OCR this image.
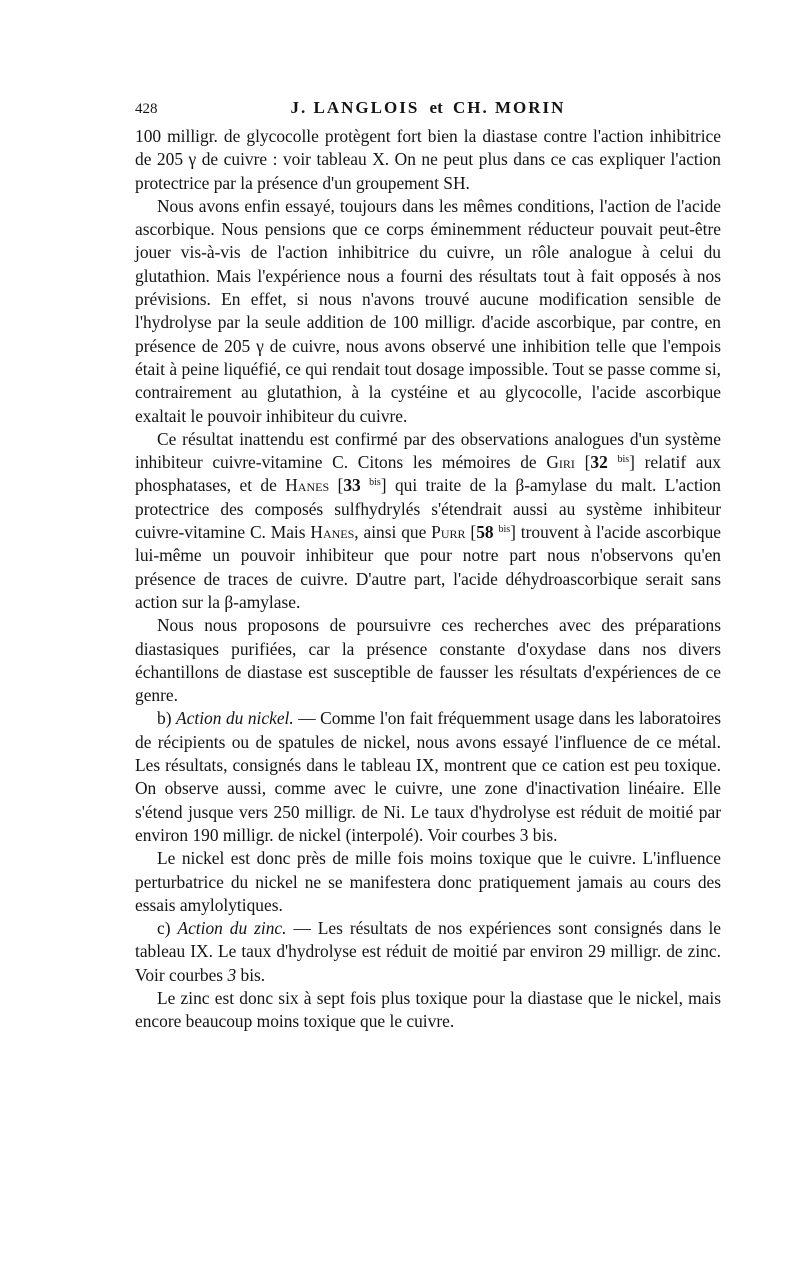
428	J. LANGLOIS et CH. MORIN

100 milligr. de glycocolle protègent fort bien la diastase contre l'action inhibitrice de 205 γ de cuivre : voir tableau X. On ne peut plus dans ce cas expliquer l'action protectrice par la présence d'un groupement SH.

Nous avons enfin essayé, toujours dans les mêmes conditions, l'action de l'acide ascorbique. Nous pensions que ce corps éminemment réducteur pouvait peut-être jouer vis-à-vis de l'action inhibitrice du cuivre, un rôle analogue à celui du glutathion. Mais l'expérience nous a fourni des résultats tout à fait opposés à nos prévisions. En effet, si nous n'avons trouvé aucune modification sensible de l'hydrolyse par la seule addition de 100 milligr. d'acide ascorbique, par contre, en présence de 205 γ de cuivre, nous avons observé une inhibition telle que l'empois était à peine liquéfié, ce qui rendait tout dosage impossible. Tout se passe comme si, contrairement au glutathion, à la cystéine et au glycocolle, l'acide ascorbique exaltait le pouvoir inhibiteur du cuivre.

Ce résultat inattendu est confirmé par des observations analogues d'un système inhibiteur cuivre-vitamine C. Citons les mémoires de Giri [32 $^{bis}$] relatif aux phosphatases, et de Hanes [33 $^{bis}$] qui traite de la β-amylase du malt. L'action protectrice des composés sulfhydrylés s'étendrait aussi au système inhibiteur cuivre-vitamine C. Mais Hanes, ainsi que Purr [58 $^{bis}$] trouvent à l'acide ascorbique lui-même un pouvoir inhibiteur que pour notre part nous n'observons qu'en présence de traces de cuivre. D'autre part, l'acide déhydroascorbique serait sans action sur la β-amylase.

Nous nous proposons de poursuivre ces recherches avec des préparations diastasiques purifiées, car la présence constante d'oxydase dans nos divers échantillons de diastase est susceptible de fausser les résultats d'expériences de ce genre.

b) Action du nickel. — Comme l'on fait fréquemment usage dans les laboratoires de récipients ou de spatules de nickel, nous avons essayé l'influence de ce métal. Les résultats, consignés dans le tableau IX, montrent que ce cation est peu toxique. On observe aussi, comme avec le cuivre, une zone d'inactivation linéaire. Elle s'étend jusque vers 250 milligr. de Ni. Le taux d'hydrolyse est réduit de moitié par environ 190 milligr. de nickel (interpolé). Voir courbes 3 bis.

Le nickel est donc près de mille fois moins toxique que le cuivre. L'influence perturbatrice du nickel ne se manifestera donc pratiquement jamais au cours des essais amylolytiques.

c) Action du zinc. — Les résultats de nos expériences sont consignés dans le tableau IX. Le taux d'hydrolyse est réduit de moitié par environ 29 milligr. de zinc. Voir courbes 3 bis.

Le zinc est donc six à sept fois plus toxique pour la diastase que le nickel, mais encore beaucoup moins toxique que le cuivre.
